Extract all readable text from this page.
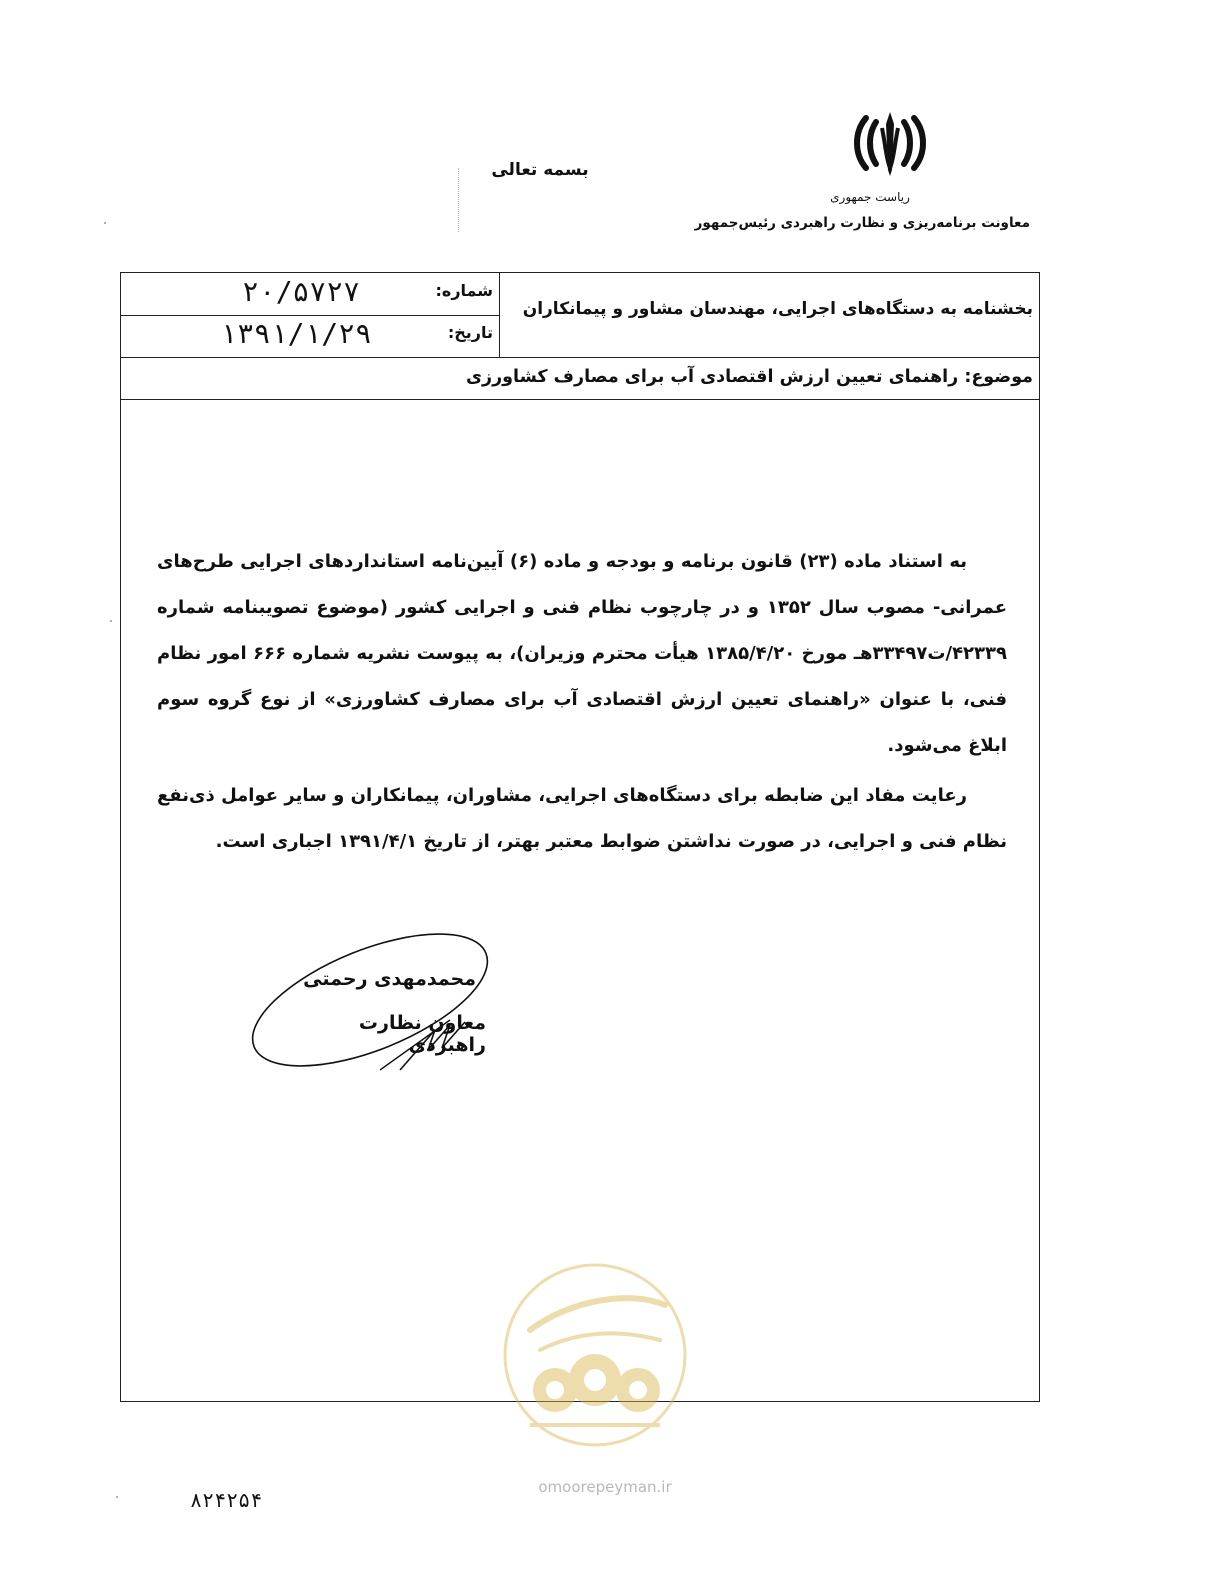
بسمه تعالی
ریاست جمهوری
معاونت برنامه‌ریزی و نظارت راهبردی رئیس‌جمهور
شماره:
۲۰/۵۷۲۷
تاریخ:
۱۳۹۱/۱/۲۹
بخشنامه به دستگاه‌های اجرایی، مهندسان مشاور و پیمانکاران
موضوع: راهنمای تعیین ارزش اقتصادی آب برای مصارف کشاورزی

به استناد ماده (۲۳) قانون برنامه و بودجه و ماده (۶) آیین‌نامه استانداردهای اجرایی طرح‌های عمرانی- مصوب سال ۱۳۵۲ و در چارچوب نظام فنی و اجرایی کشور (موضوع تصویبنامه شماره ۴۲۳۳۹/ت۳۳۴۹۷هـ مورخ ۱۳۸۵/۴/۲۰ هیأت محترم وزیران)، به پیوست نشریه شماره ۶۶۶ امور نظام فنی، با عنوان «راهنمای تعیین ارزش اقتصادی آب برای مصارف کشاورزی» از نوع گروه سوم ابلاغ می‌شود.

رعایت مفاد این ضابطه برای دستگاه‌های اجرایی، مشاوران، پیمانکاران و سایر عوامل ذی‌نفع نظام فنی و اجرایی، در صورت نداشتن ضوابط معتبر بهتر، از تاریخ ۱۳۹۱/۴/۱ اجباری است.

محمدمهدی رحمتی
معاون نظارت راهبردی
omoorepeyman.ir
۸۲۴۲۵۴
